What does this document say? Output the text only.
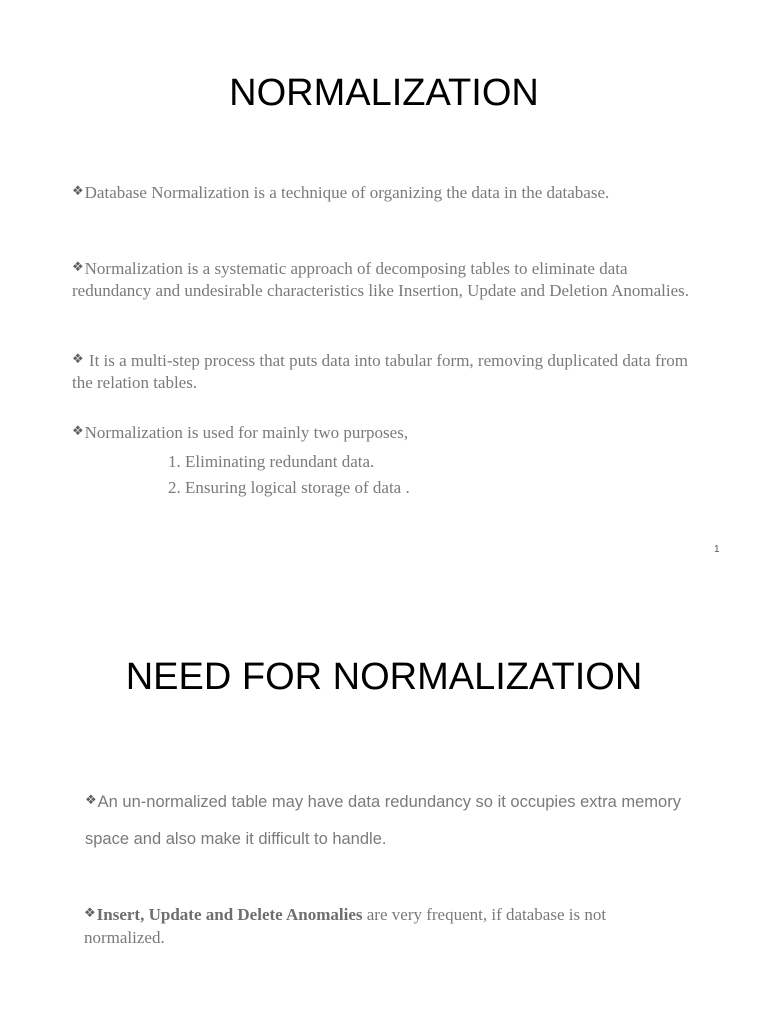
NORMALIZATION

❖Database Normalization is a technique of organizing the data in the database.

❖Normalization is a systematic approach of decomposing tables to eliminate data redundancy and undesirable characteristics like Insertion, Update and Deletion Anomalies.

❖ It is a multi-step process that puts data into tabular form, removing duplicated data from the relation tables.

❖Normalization is used for mainly two purposes,

1. Eliminating redundant data.
2. Ensuring logical storage of data .
1
NEED FOR NORMALIZATION

❖An un-normalized table may have data redundancy so it occupies extra memory space and also make it difficult to handle.

❖Insert, Update and Delete Anomalies are very frequent, if database is not normalized.
